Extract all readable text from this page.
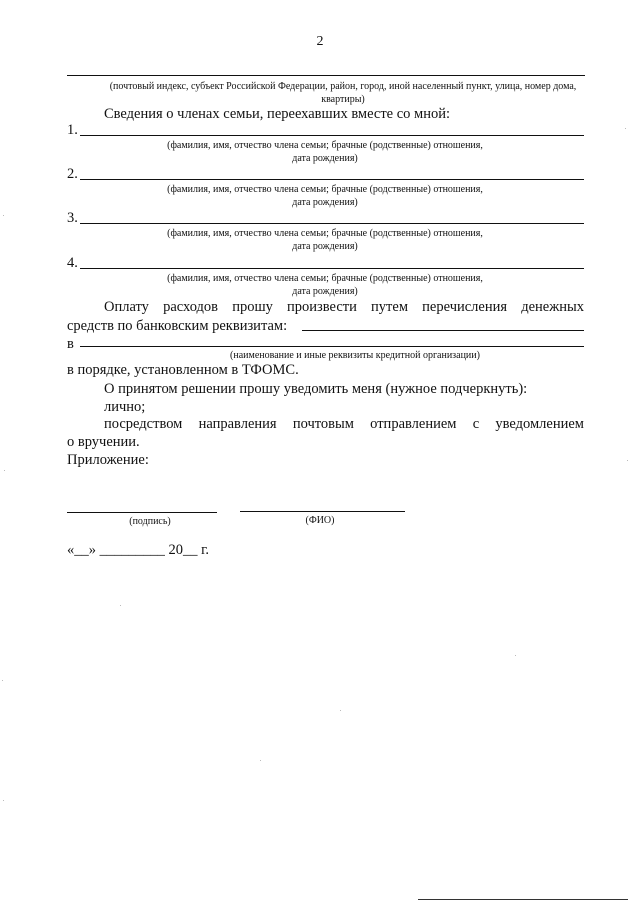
2
(почтовый индекс, субъект Российской Федерации, район, город, иной населенный пункт, улица, номер дома, квартиры)
Сведения о членах семьи, переехавших вместе со мной:
1.
(фамилия, имя, отчество члена семьи; брачные (родственные) отношения,
дата рождения)
2.
(фамилия, имя, отчество члена семьи; брачные (родственные) отношения,
дата рождения)
3.
(фамилия, имя, отчество члена семьи; брачные (родственные) отношения,
дата рождения)
4.
(фамилия, имя, отчество члена семьи; брачные (родственные) отношения,
дата рождения)
Оплату расходов прошу произвести путем перечисления денежных
средств по банковским реквизитам:
в
(наименование и иные реквизиты кредитной организации)
в порядке, установленном в ТФОМС.
О принятом решении прошу уведомить меня (нужное подчеркнуть):
лично;
посредством направления почтовым отправлением с уведомлением
о вручении.
Приложение:
(подпись)	(ФИО)
«__» _________ 20__ г.
